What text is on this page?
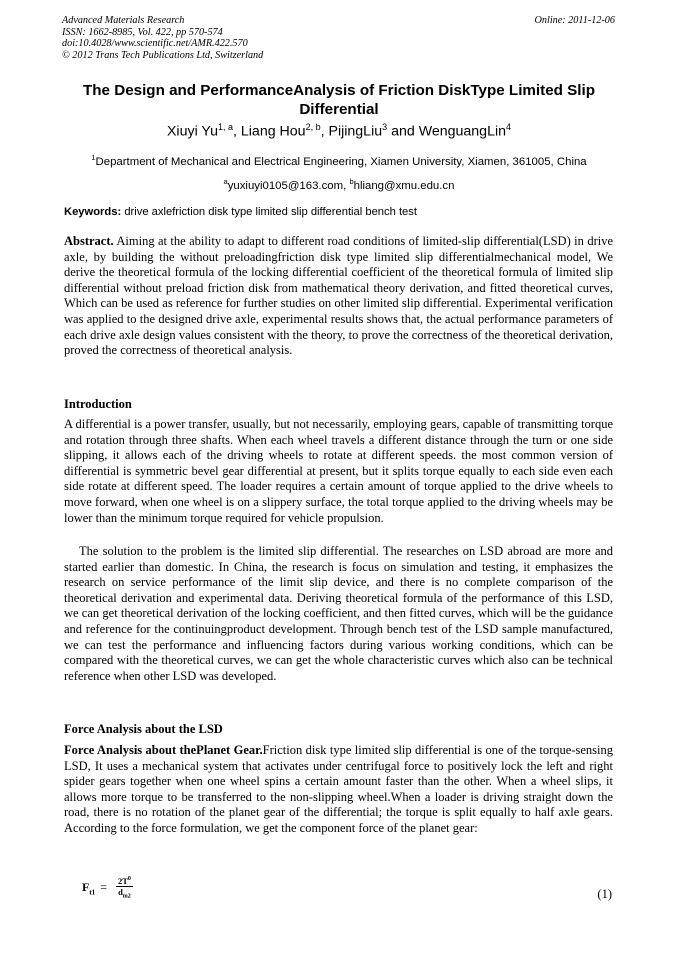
Advanced Materials Research
ISSN: 1662-8985, Vol. 422, pp 570-574
doi:10.4028/www.scientific.net/AMR.422.570
© 2012 Trans Tech Publications Ltd, Switzerland
Online: 2011-12-06
The Design and PerformanceAnalysis of Friction DiskType Limited Slip
Differential
Xiuyi Yu$^{1, a}$, Liang Hou$^{2, b}$, PijingLiu$^3$ and WenguangLin$^4$
$^1$Department of Mechanical and Electrical Engineering, Xiamen University, Xiamen, 361005, China
$^a$yuxiuyi0105@163.com, $^b$hliang@xmu.edu.cn
Keywords: drive axlefriction disk type limited slip differential bench test
Abstract. Aiming at the ability to adapt to different road conditions of limited-slip differential(LSD) in drive axle, by building the without preloadingfriction disk type limited slip differentialmechanical model, We derive the theoretical formula of the locking differential coefficient of the theoretical formula of limited slip differential without preload friction disk from mathematical theory derivation, and fitted theoretical curves, Which can be used as reference for further studies on other limited slip differential. Experimental verification was applied to the designed drive axle, experimental results shows that, the actual performance parameters of each drive axle design values consistent with the theory, to prove the correctness of the theoretical derivation, proved the correctness of theoretical analysis.
Introduction
A differential is a power transfer, usually, but not necessarily, employing gears, capable of transmitting torque and rotation through three shafts. When each wheel travels a different distance through the turn or one side slipping, it allows each of the driving wheels to rotate at different speeds. the most common version of differential is symmetric bevel gear differential at present, but it splits torque equally to each side even each side rotate at different speed. The loader requires a certain amount of torque applied to the drive wheels to move forward, when one wheel is on a slippery surface, the total torque applied to the driving wheels may be lower than the minimum torque required for vehicle propulsion.
The solution to the problem is the limited slip differential. The researches on LSD abroad are more and started earlier than domestic. In China, the research is focus on simulation and testing, it emphasizes the research on service performance of the limit slip device, and there is no complete comparison of the theoretical derivation and experimental data. Deriving theoretical formula of the performance of this LSD, we can get theoretical derivation of the locking coefficient, and then fitted curves, which will be the guidance and reference for the continuingproduct development. Through bench test of the LSD sample manufactured, we can test the performance and influencing factors during various working conditions, which can be compared with the theoretical curves, we can get the whole characteristic curves which also can be technical reference when other LSD was developed.
Force Analysis about the LSD
Force Analysis about thePlanet Gear.Friction disk type limited slip differential is one of the torque-sensing LSD, It uses a mechanical system that activates under centrifugal force to positively lock the left and right spider gears together when one wheel spins a certain amount faster than the other. When a wheel slips, it allows more torque to be transferred to the non-slipping wheel.When a loader is driving straight down the road, there is no rotation of the planet gear of the differential; the torque is split equally to half axle gears. According to the force formulation, we get the component force of the planet gear:
$F_{t1} = \frac{2T^0}{d_{m2}}$	(1)
